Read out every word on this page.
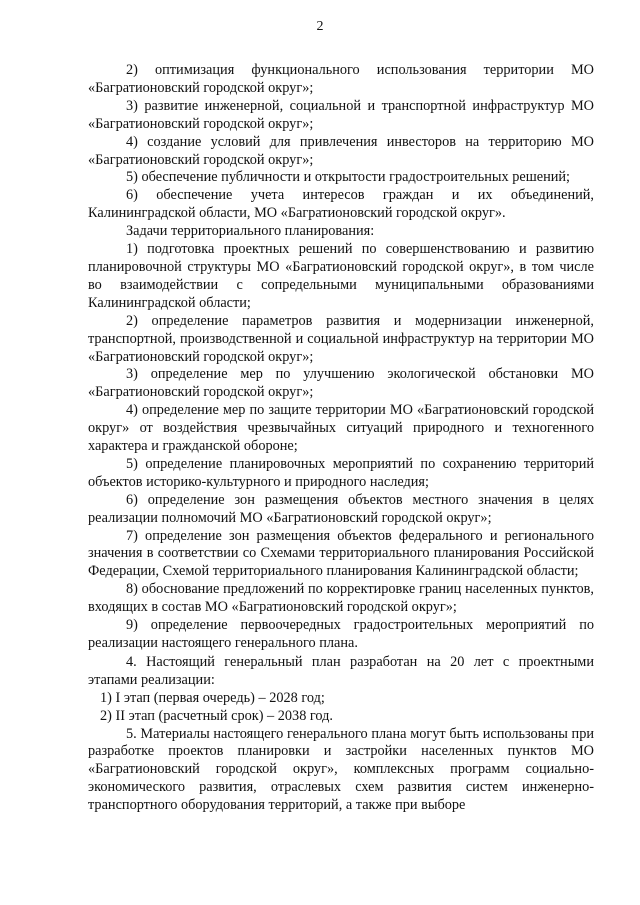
2

2) оптимизация функционального использования территории МО «Багратионовский городской округ»;

3) развитие инженерной, социальной и транспортной инфраструктур МО «Багратионовский городской округ»;

4) создание условий для привлечения инвесторов на территорию МО «Багратионовский городской округ»;

5) обеспечение публичности и открытости градостроительных решений;

6) обеспечение учета интересов граждан и их объединений, Калининградской области, МО «Багратионовский городской округ».

Задачи территориального планирования:

1) подготовка проектных решений по совершенствованию и развитию планировочной структуры МО «Багратионовский городской округ», в том числе во взаимодействии с сопредельными муниципальными образованиями Калининградской области;

2) определение параметров развития и модернизации инженерной, транспортной, производственной и социальной инфраструктур на территории МО «Багратионовский городской округ»;

3) определение мер по улучшению экологической обстановки МО «Багратионовский городской округ»;

4) определение мер по защите территории МО «Багратионовский городской округ» от воздействия чрезвычайных ситуаций природного и техногенного характера и гражданской обороне;

5) определение планировочных мероприятий по сохранению территорий объектов историко-культурного и природного наследия;

6) определение зон размещения объектов местного значения в целях реализации полномочий МО «Багратионовский городской округ»;

7) определение зон размещения объектов федерального и регионального значения в соответствии со Схемами территориального планирования Российской Федерации, Схемой территориального планирования Калининградской области;

8) обоснование предложений по корректировке границ населенных пунктов, входящих в состав МО «Багратионовский городской округ»;

9) определение первоочередных градостроительных мероприятий по реализации настоящего генерального плана.

4. Настоящий генеральный план разработан на 20 лет с проектными этапами реализации:

1) I этап (первая очередь) – 2028 год;

2) II этап (расчетный срок) – 2038 год.

5. Материалы настоящего генерального плана могут быть использованы при разработке проектов планировки и застройки населенных пунктов МО «Багратионовский городской округ», комплексных программ социально-экономического развития, отраслевых схем развития систем инженерно-транспортного оборудования территорий, а также при выборе
